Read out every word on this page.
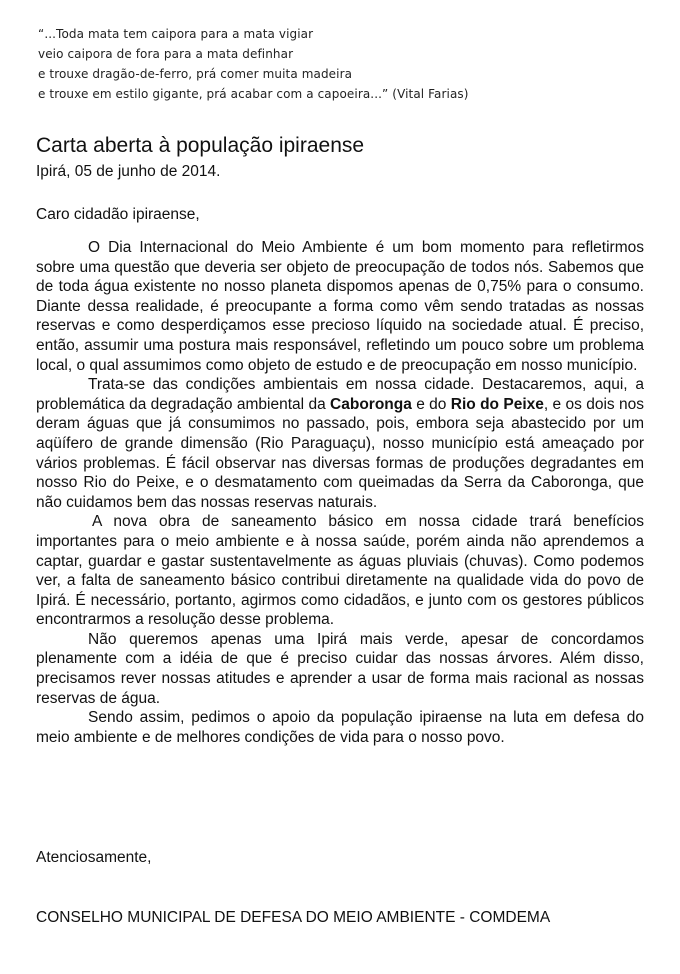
“...Toda mata tem caipora para a mata vigiar
veio caipora de fora para a mata definhar
e trouxe dragão-de-ferro, prá comer muita madeira
e trouxe em estilo gigante, prá acabar com a capoeira...” (Vital Farias)
Carta aberta à população ipiraense
Ipirá, 05 de junho de 2014.
Caro cidadão ipiraense,

O Dia Internacional do Meio Ambiente é um bom momento para refletirmos sobre uma questão que deveria ser objeto de preocupação de todos nós. Sabemos que de toda água existente no nosso planeta dispomos apenas de 0,75% para o consumo. Diante dessa realidade, é preocupante a forma como vêm sendo tratadas as nossas reservas e como desperdiçamos esse precioso líquido na sociedade atual. É preciso, então, assumir uma postura mais responsável, refletindo um pouco sobre um problema local, o qual assumimos como objeto de estudo e de preocupação em nosso município.

Trata-se das condições ambientais em nossa cidade. Destacaremos, aqui, a problemática da degradação ambiental da Caboronga e do Rio do Peixe, e os dois nos deram águas que já consumimos no passado, pois, embora seja abastecido por um aqüífero de grande dimensão (Rio Paraguaçu), nosso município está ameaçado por vários problemas. É fácil observar nas diversas formas de produções degradantes em nosso Rio do Peixe, e o desmatamento com queimadas da Serra da Caboronga, que não cuidamos bem das nossas reservas naturais.

A nova obra de saneamento básico em nossa cidade trará benefícios importantes para o meio ambiente e à nossa saúde, porém ainda não aprendemos a captar, guardar e gastar sustentavelmente as águas pluviais (chuvas). Como podemos ver, a falta de saneamento básico contribui diretamente na qualidade vida do povo de Ipirá. É necessário, portanto, agirmos como cidadãos, e junto com os gestores públicos encontrarmos a resolução desse problema.

Não queremos apenas uma Ipirá mais verde, apesar de concordamos plenamente com a idéia de que é preciso cuidar das nossas árvores. Além disso, precisamos rever nossas atitudes e aprender a usar de forma mais racional as nossas reservas de água.

Sendo assim, pedimos o apoio da população ipiraense na luta em defesa do meio ambiente e de melhores condições de vida para o nosso povo.

Atenciosamente,
CONSELHO MUNICIPAL DE DEFESA DO MEIO AMBIENTE - COMDEMA
